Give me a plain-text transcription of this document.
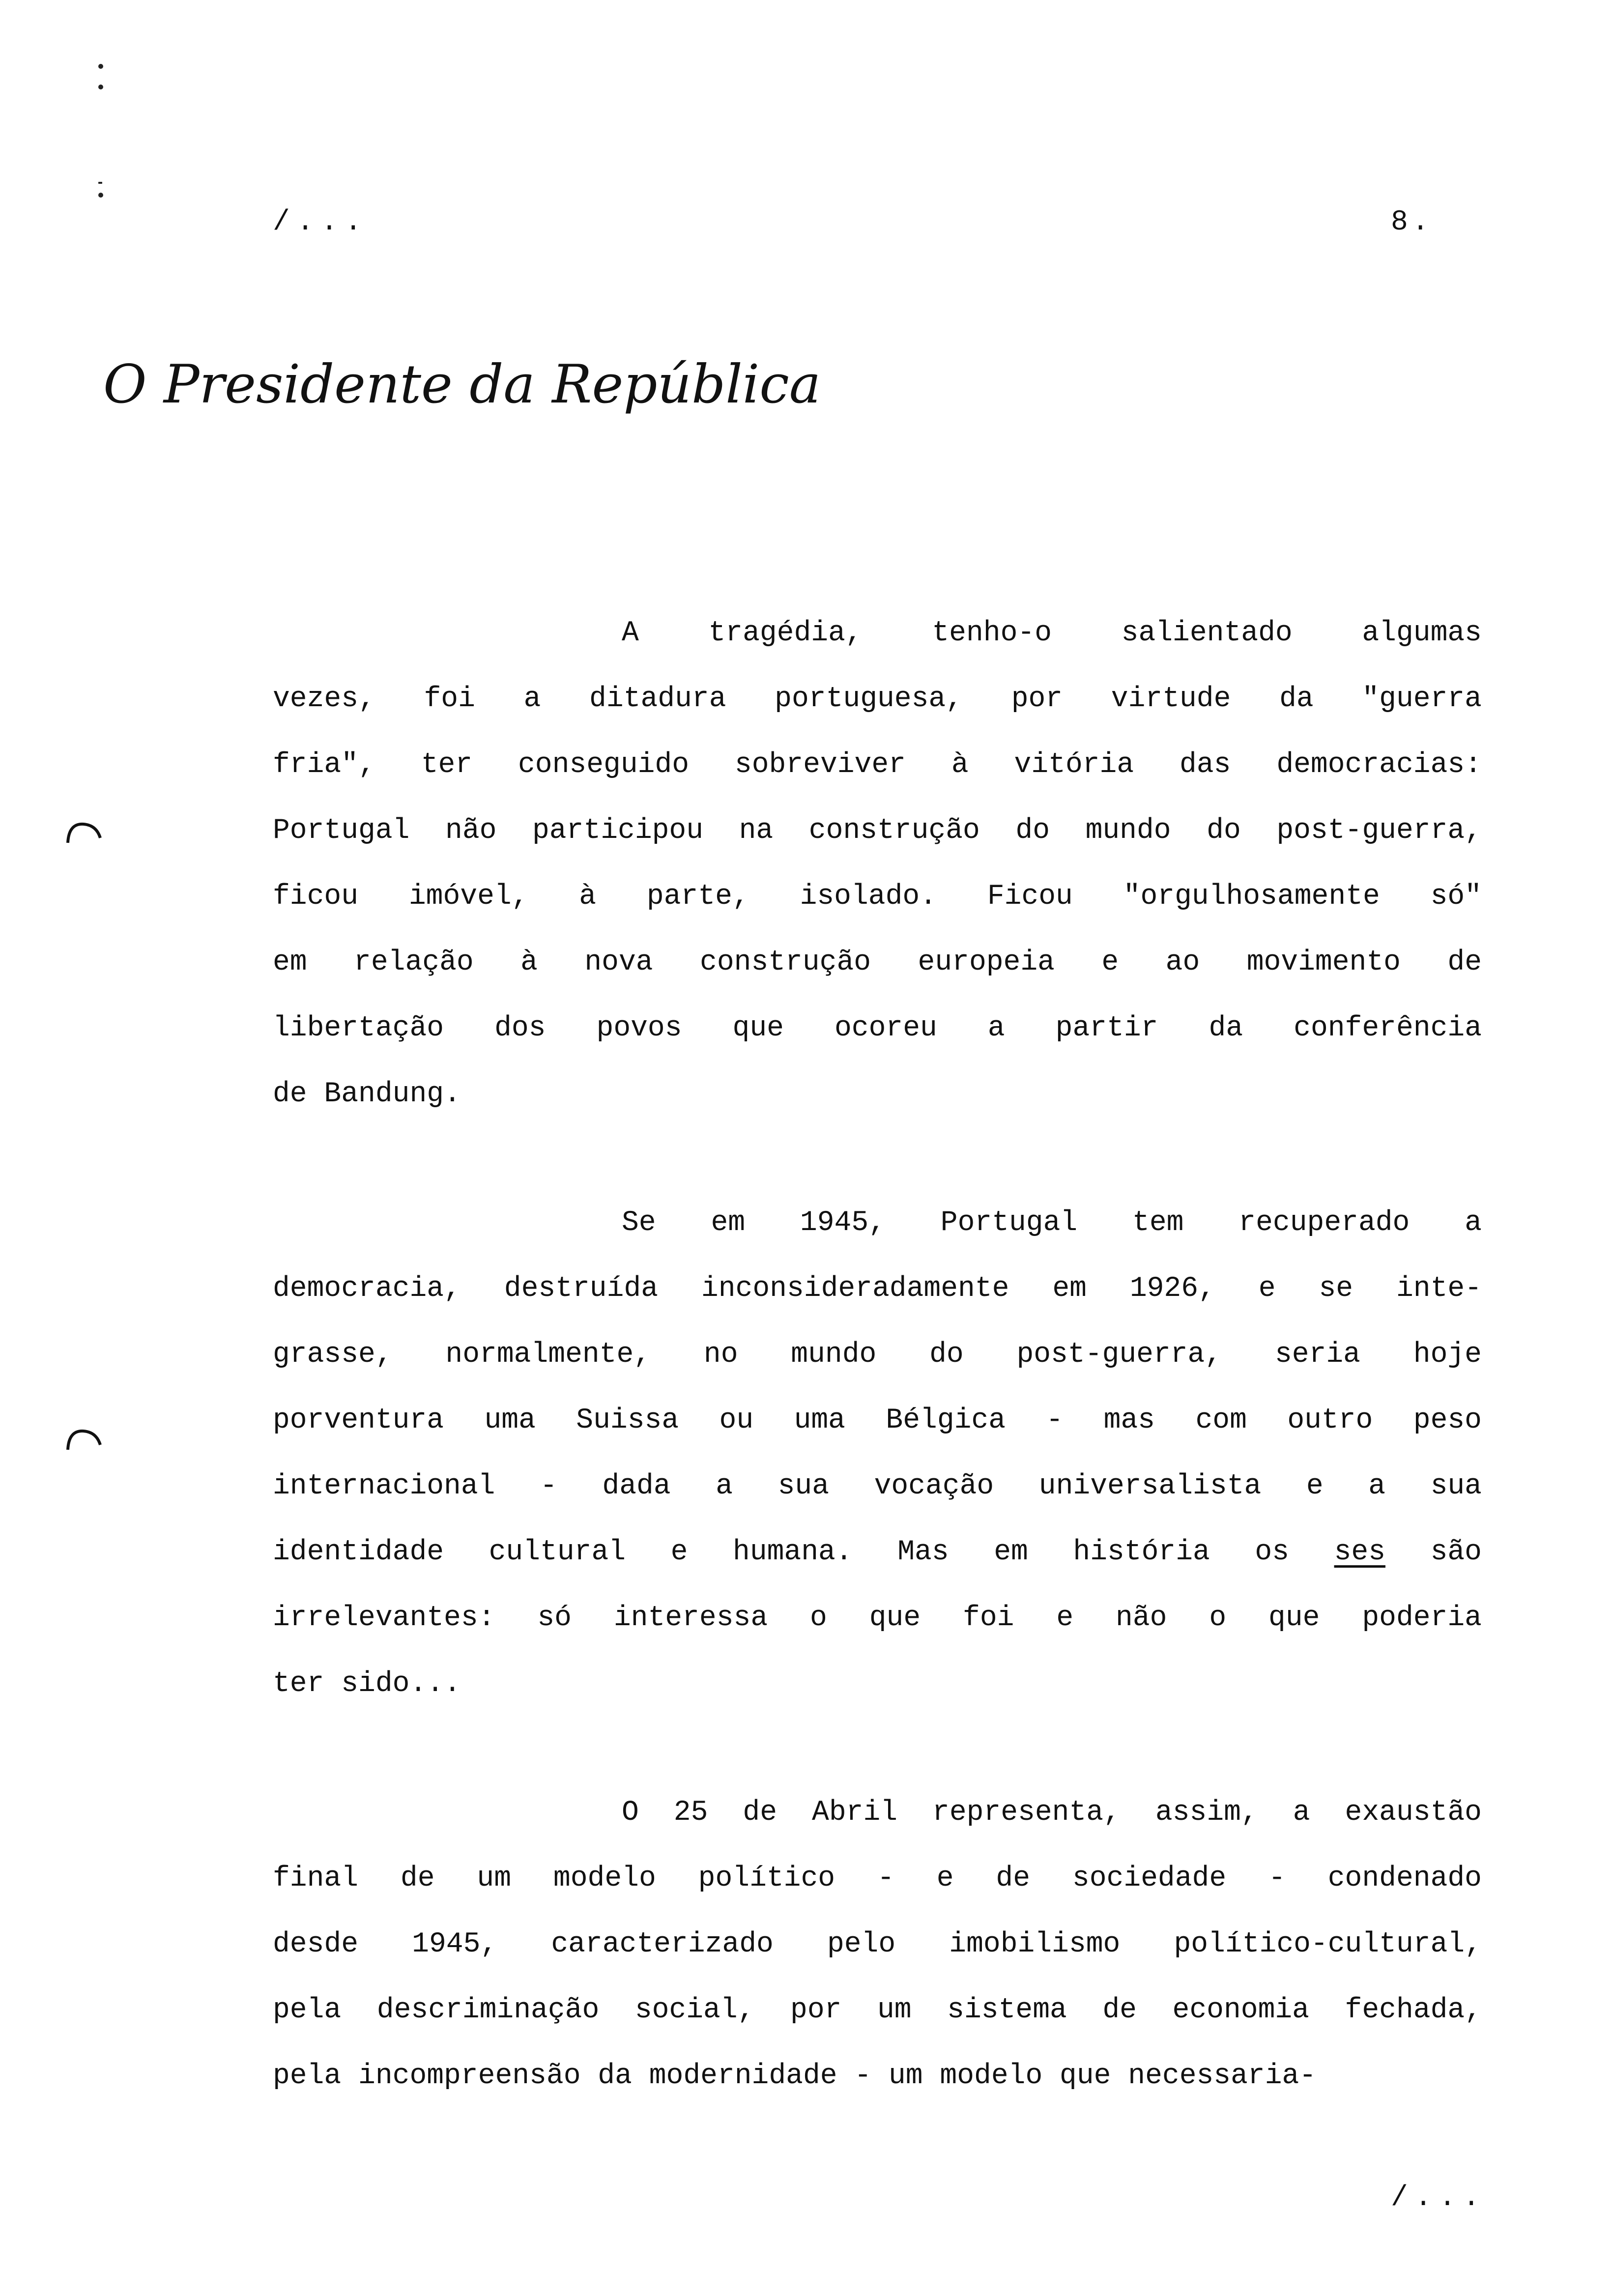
/...	8.
O Presidente da República
A tragédia, tenho-o salientado algumas
vezes, foi a ditadura portuguesa, por virtude da "guerra
fria", ter conseguido sobreviver à vitória das democracias:
Portugal não participou na construção do mundo do post-guerra,
ficou imóvel, à parte, isolado. Ficou "orgulhosamente só"
em relação à nova construção europeia e ao movimento de
libertação dos povos que ocoreu a partir da conferência
de Bandung.
Se em 1945, Portugal tem recuperado a
democracia, destruída inconsideradamente em 1926, e se inte-
grasse, normalmente, no mundo do post-guerra, seria hoje
porventura uma Suissa ou uma Bélgica - mas com outro peso
internacional - dada a sua vocação universalista e a sua
identidade cultural e humana. Mas em história os ses são
irrelevantes: só interessa o que foi e não o que poderia
ter sido...
O 25 de Abril representa, assim, a exaustão
final de um modelo político - e de sociedade - condenado
desde 1945, caracterizado pelo imobilismo político-cultural,
pela descriminação social, por um sistema de economia fechada,
pela incompreensão da modernidade - um modelo que necessaria-
/...
